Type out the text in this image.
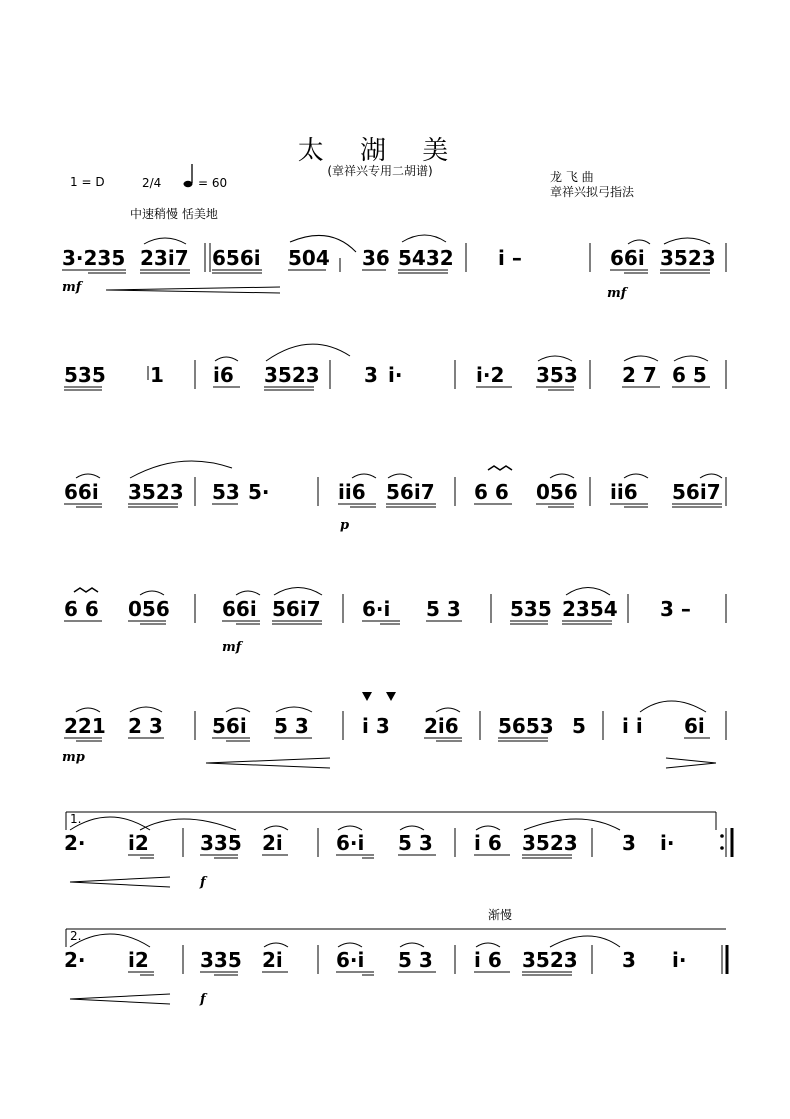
太 湖 美
(章祥兴专用二胡谱)
1 = D	2/4	= 60	龙 飞 曲
章祥兴拟弓指法
中速稍慢 恬美地
3·235 23i7 656i 504 36 5432 i –	66i 3523
mf	mf
535 1 i6 3523 3 i·	i·2 353 2 7 6 5
66i 3523 53 5·	ii6 56i7 6 6 056 ii6 56i7
p
6 6 056	66i 56i7 6·i 5 3 535 2354 3 –
mf
221 2 3 56i 5 3	i 3 2i6 5653 5 i i 6i
mp
1.
2· i2	335 2i	6·i 5 3 i 6 3523 3 i·
f
2.
渐慢
2· i2	335 2i	6·i 5 3 i 6 3523 3 i·
f
